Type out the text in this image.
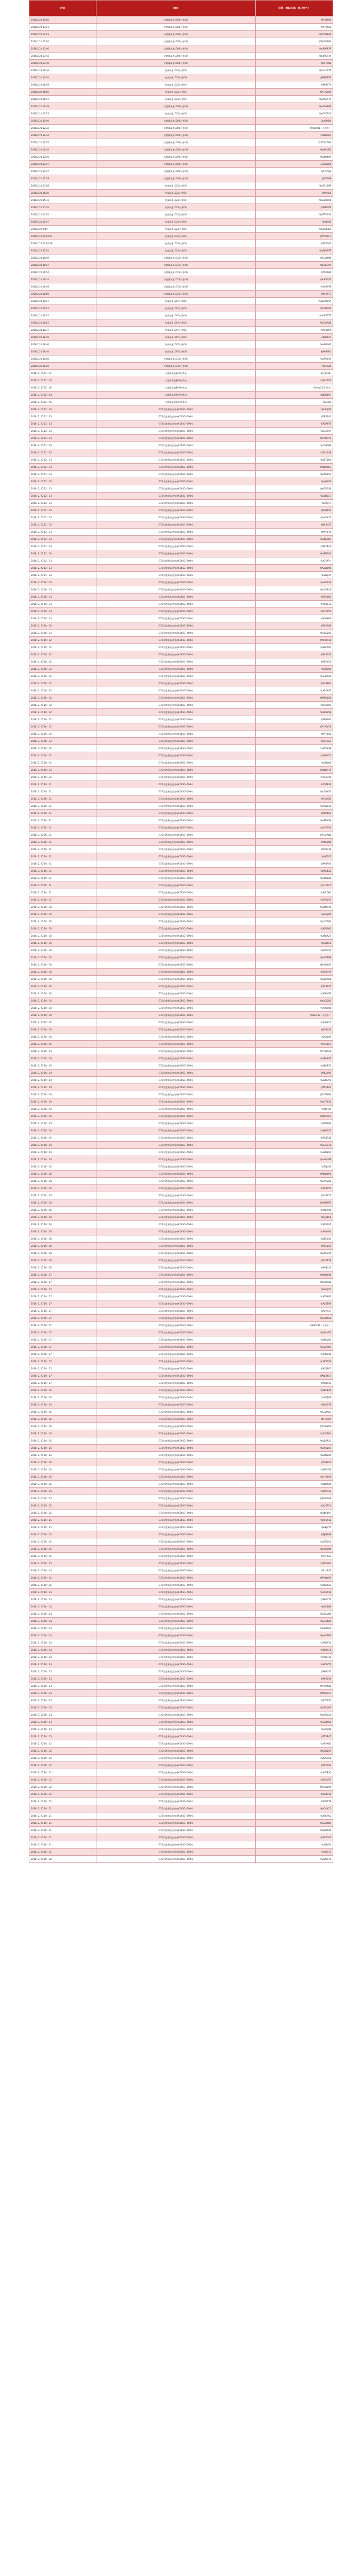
时间	地点	车牌（地段车牌，部分除外）
2018/2/21 10:00	京港澳高速1006公里K外	鄂A3JM56
2018/2/21 17:11	京港澳高速1006公里K外	鄂A3YK66
2018/2/21 17:13	京港澳高速1006公里K外	鄂C7396A6
2018/2/21 17:20	京港澳高速1006公里K外	鄂A00Q6N6
2018/2/21 17:40	京港澳高速1006公里K外	鄂A266R79
2018/2/21 17:42	京港澳高速1006公里K外	鄂CX4C739
2018/2/21 17:46	京港澳高速1006公里K外	鄂A97LN1
2018/2/21 16:34	包茂高速1023公里K外	鄂A2U1779
2018/2/21 16:54	包茂高速1023公里K外	湘E8QS76
2018/2/21 16:59	包茂高速1023公里K外	鄂AE8T74
2018/2/21 16:59	包茂高速1023公里K外	鄂A1R2J96
2018/2/21 16:47	包茂高速1023公里K外	鄂ABS5770
2018/2/21 16:49	京港澳高速1006公里K外	鄂A17A896
2018/2/21 17:13	包茂高速1023公里K外	鄂ACA7316
2018/2/21 11:49	京港澳高速1006公里K外	湘A6000J
2018/2/21 12:32	京港澳高速1006公里K外	鄂A09056（小型车）
2018/2/21 12:34	京港澳高速1006公里K外	鄂A1D9P3
2018/2/21 12:35	京港澳高速1006公里K外	鄂ACW1066
2018/2/21 12:44	京港澳高速1006公里K外	鄂A8UU62
2018/2/21 12:46	京港澳高速1006公里K外	鄂A4NN09
2018/2/21 12:47	京港澳高速1006公里K外	云A03J866
2018/2/21 12:47	京港澳高速1006公里K外	鄂A7UVJ2
2018/2/21 12:59	京港澳高速1006公里K外	鄂A5008
2018/2/21 13:08	包茂高速1023公里K外	鄂A61168E
2018/2/21 15:29	包茂高速1023公里K外	鄂A9H56
2018/2/21 15:31	包茂高速1023公里K外	鄂ACB0996
2018/2/21 15:32	包茂高速1023公里K外	鄂A9B0T8
2018/2/21 15:35	包茂高速1023公里K外	鄂A77V706
2018/2/21 15:47	包茂高速1023公里K外	鄂A8L80
2018/2/22 9:49	包茂高速1023公里K外	鄂ABAB3L5
2018/2/22 10:04:04	包茂高速1023公里K外	鄂A5WEC7
2018/2/22 10:04:08	包茂高速1023公里K外	鄂A20005
2018/2/22 22:34	包茂高速1023公里K外	鄂A38697T
2018/2/21 16:49	京港澳高速1013公里K外	鄂A1VNN8
2018/2/21 16:47	京港澳高速1013公里K外	鄂RQG76Y
2018/2/21 16:54	京港澳高速1013公里K外	鄂AS5696
2018/2/21 18:45	京港澳高速1013公里K外	鄂A8GG72
2018/2/21 18:49	京港澳高速1013公里K外	鄂AA8799
2018/2/21 18:50	京港澳高速1013公里K外	鄂A5P5T7
2018/2/21 19:17	包茂高速1007公里K外	鄂AE2W15A
2018/2/21 19:14	包茂高速1007公里K外	鄂CVN003
2018/2/21 19:02	包茂高速1007公里K外	鄂A0977T2
2018/2/21 18:52	包茂高速1007公里K外	鄂AG5A88
2018/2/21 18:37	包茂高速1007公里K外	鄂A04BP5
2018/2/21 18:35	包茂高速1007公里K外	云B0BX27
2018/2/21 18:40	包茂高速1007公里K外	鄂AB00H7
2018/2/21 18:44	包茂高速1007公里K外	湘A0666L
2018/2/21 18:20	京港澳高速1013公里K外	鄂A8V3R4
2018/2/21 18:20	京港澳高速1013公里K外	鄂A7L85
2018. 2. 20 12：47	京港澳高速断坪收费站	湘L(2019)
2018. 2. 20 12：46	京港澳高速断坪收费站	鄂AA1T01
2018. 2. 20 12：46	京港澳高速断坪收费站	鄂H0V2E(小型车)
2018. 2. 20 12：44	京港澳高速断坪收费站	鄂B2089H
2018. 2. 20 12：45	京港澳高速断坪收费站	鄂E23J0
2018. 2. 20 12：33	G75京港澳高速南向K1050+500米	鄂AA7J26
2018. 2. 20 12：33	G75京港澳高速南向K1050+500米	鄂AE58Y6
2018. 2. 20 12：33	G75京港澳高速南向K1050+500米	鄂A2P07B
2018. 2. 20 12：33	G75京港澳高速南向K1050+500米	鄂AU3997
2018. 2. 20 12：33	G75京港澳高速南向K1050+500米	鄂A2WP73
2018. 2. 20 12：33	G75京港澳高速南向K1050+500米	鄂AG9099
2018. 2. 20 12：33	G75京港澳高速南向K1050+500米	鄂AX1108
2018. 2. 20 12：33	G75京港澳高速南向K1050+500米	鄂A1TD64
2018. 2. 20 12：33	G75京港澳高速南向K1050+500米	鄂AWXN63
2018. 2. 20 12：33	G75京港澳高速南向K1050+500米	鄂A5GK53
2018. 2. 20 12：33	G75京港澳高速南向K1050+500米	鄂AJ8X06
2018. 2. 20 12：33	G75京港澳高速南向K1050+500米	鄂AG5G58
2018. 2. 20 12：33	G75京港澳高速南向K1050+500米	鄂A0D1E7
2018. 2. 20 12：33	G75京港澳高速南向K1050+500米	鄂AP6J77
2018. 2. 20 12：33	G75京港澳高速南向K1050+500米	鄂ADJ0X9
2018. 2. 20 12：33	G75京港澳高速南向K1050+500米	鄂AN7K45
2018. 2. 20 12：33	G75京港澳高速南向K1050+500米	鄂AL5Y27
2018. 2. 20 12：33	G75京港澳高速南向K1050+500米	鄂A9F5T0
2018. 2. 20 12：33	G75京港澳高速南向K1050+500米	鄂A4G069
2018. 2. 20 12：33	G75京港澳高速南向K1050+500米	鄂AP1B19
2018. 2. 20 12：33	G75京港澳高速南向K1050+500米	鄂A7BG03
2018. 2. 20 12：33	G75京港澳高速南向K1050+500米	鄂A01P7H
2018. 2. 20 12：33	G75京港澳高速南向K1050+500米	鄂AZ2W06
2018. 2. 20 12：33	G75京港澳高速南向K1050+500米	鄂A88J70
2018. 2. 20 10：33	G75京港澳高速南向K1050+500米	鄂ANK208
2018. 2. 20 10：33	G75京港澳高速南向K1050+500米	鄂AQ2R18
2018. 2. 20 10：33	G75京港澳高速南向K1050+500米	鄂A81960
2018. 2. 20 10：33	G75京港澳高速南向K1050+500米	鄂AB56T2
2018. 2. 20 10：33	G75京港澳高速南向K1050+500米	鄂A37Z55
2018. 2. 20 10：33	G75京港澳高速南向K1050+500米	鄂AL8N81
2018. 2. 20 10：33	G75京港澳高速南向K1050+500米	鄂A9Y308
2018. 2. 20 10：33	G75京港澳高速南向K1050+500米	鄂A2GZ05
2018. 2. 20 10：32	G75京港澳高速南向K1050+500米	鄂AXW716
2018. 2. 20 10：32	G75京港澳高速南向K1050+500米	鄂A18D50
2018. 2. 20 10：32	G75京港澳高速南向K1050+500米	鄂ALX327
2018. 2. 20 10：32	G75京港澳高速南向K1050+500米	鄂AF2V21
2018. 2. 20 10：32	G75京港澳高速南向K1050+500米	鄂A50J98
2018. 2. 20 10：32	G75京港澳高速南向K1050+500米	鄂AHK556
2018. 2. 20 10：32	G75京港澳高速南向K1050+500米	鄂AC8880
2018. 2. 20 10：32	G75京港澳高速南向K1050+500米	鄂A75H47
2018. 2. 20 10：32	G75京港澳高速南向K1050+500米	鄂AM9D15
2018. 2. 20 10：32	G75京港澳高速南向K1050+500米	鄂ARA092
2018. 2. 20 10：32	G75京港澳高速南向K1050+500米	鄂A7G858
2018. 2. 20 10：32	G75京港澳高速南向K1050+500米	鄂AE0P06
2018. 2. 20 10：32	G75京港澳高速南向K1050+500米	鄂A1WV19
2018. 2. 20 10：32	G75京港澳高速南向K1050+500米	鄂AYT556
2018. 2. 20 10：32	G75京港澳高速南向K1050+500米	鄂A2FC63
2018. 2. 20 10：32	G75京港澳高速南向K1050+500米	鄂AR2K38
2018. 2. 20 10：32	G75京港澳高速南向K1050+500米	鄂AB0X25
2018. 2. 20 10：32	G75京港澳高速南向K1050+500米	鄂A8J0K8
2018. 2. 20 10：32	G75京港澳高速南向K1050+500米	鄂AWQ778
2018. 2. 20 10：32	G75京港澳高速南向K1050+500米	鄂AG1F90
2018. 2. 20 10：31	G75京港澳高速南向K1050+500米	鄂A7PR36
2018. 2. 20 10：31	G75京港澳高速南向K1050+500米	鄂AD0H71
2018. 2. 20 10：31	G75京港澳高速南向K1050+500米	鄂A15Y83
2018. 2. 20 10：31	G75京港澳高速南向K1050+500米	鄂ANZ101
2018. 2. 20 10：31	G75京港澳高速南向K1050+500米	鄂A6P4E9
2018. 2. 20 10：31	G75京港澳高速南向K1050+500米	鄂AS1M58
2018. 2. 20 10：31	G75京港澳高速南向K1050+500米	鄂AH7766
2018. 2. 20 10：31	G75京港澳高速南向K1050+500米	鄂A3C9W5
2018. 2. 20 10：31	G75京港澳高速南向K1050+500米	鄂AT8U06
2018. 2. 20 10：31	G75京港澳高速南向K1050+500米	鄂A2RL49
2018. 2. 20 10：31	G75京港澳高速南向K1050+500米	鄂AJE017
2018. 2. 20 10：31	G75京港澳高速南向K1050+500米	鄂A96F66
2018. 2. 20 10：31	G75京港澳高速南向K1050+500米	鄂AK5B32
2018. 2. 20 10：31	G75京港澳高速南向K1050+500米	鄂A0NX88
2018. 2. 20 10：31	G75京港澳高速南向K1050+500米	鄂AU7S13
2018. 2. 20 10：31	G75京港澳高速南向K1050+500米	鄂A5LD60
2018. 2. 20 10：31	G75京港澳高速南向K1050+500米	鄂AF9Q72
2018. 2. 20 10：30	G75京港澳高速南向K1050+500米	鄂A8MT04
2018. 2. 20 10：30	G75京港澳高速南向K1050+500米	鄂AV3J95
2018. 2. 20 10：30	G75京港澳高速南向K1050+500米	鄂A1G7N3
2018. 2. 20 10：30	G75京港澳高速南向K1050+500米	鄂AZ6681
2018. 2. 20 10：30	G75京港澳高速南向K1050+500米	鄂A4BR27
2018. 2. 20 10：30	G75京港澳高速南向K1050+500米	鄂AQJ551
2018. 2. 20 10：30	G75京港澳高速南向K1050+500米	鄂A70C16
2018. 2. 20 10：30	G75京港澳高速南向K1050+500米	鄂AM2E89
2018. 2. 20 10：30	G75京港澳高速南向K1050+500米	鄂A3YW02
2018. 2. 20 10：30	G75京港澳高速南向K1050+500米	鄂AX5P74
2018. 2. 20 10：30	G75京港澳高速南向K1050+500米	鄂A2HA68
2018. 2. 20 10：30	G75京港澳高速南向K1050+500米	鄂AC9T35
2018. 2. 20 10：30	G75京港澳高速南向K1050+500米	鄂A6KV97
2018. 2. 20 10：30	G75京港澳高速南向K1050+500米	鄂AN1D20
2018. 2. 20 10：30	G75京港澳高速南向K1050+500米	鄂A9R046
2018. 2. 20 10：30	G75京港澳高速南向K1050+500米	鄂AB7F83（小型车）
2018. 2. 20 10：30	G75京港澳高速南向K1050+500米	鄂A5UE11
2018. 2. 20 10：30	G75京港澳高速南向K1050+500米	鄂AY8L56
2018. 2. 20 10：29	G75京港澳高速南向K1050+500米	鄂A04J92
2018. 2. 20 10：29	G75京港澳高速南向K1050+500米	鄂AP3Z67
2018. 2. 20 10：29	G75京港澳高速南向K1050+500米	鄂A7WS18
2018. 2. 20 10：29	G75京港澳高速南向K1050+500米	鄂AE6N42
2018. 2. 20 10：29	G75京港澳高速南向K1050+500米	鄂A1KB75
2018. 2. 20 10：29	G75京港澳高速南向K1050+500米	鄂AL2V09
2018. 2. 20 10：29	G75京港澳高速南向K1050+500米	鄂A8Q3Y1
2018. 2. 20 10：29	G75京港澳高速南向K1050+500米	鄂AT5R64
2018. 2. 20 10：29	G75京港澳高速南向K1050+500米	鄂A3DM86
2018. 2. 20 10：29	G75京港澳高速南向K1050+500米	鄂AG7X30
2018. 2. 20 10：29	G75京港澳高速南向K1050+500米	鄂A6FJ15
2018. 2. 20 10：29	G75京港澳高速南向K1050+500米	鄂AW4H57
2018. 2. 20 10：29	G75京港澳高速南向K1050+500米	鄂A0RP93
2018. 2. 20 10：29	G75京港澳高速南向K1050+500米	鄂AK8C22
2018. 2. 20 10：29	G75京港澳高速南向K1050+500米	鄂A9ZT48
2018. 2. 20 10：29	G75京港澳高速南向K1050+500米	鄂AS3G71
2018. 2. 20 10：29	G75京港澳高速南向K1050+500米	鄂A2NE04
2018. 2. 20 10：28	G75京港澳高速南向K1050+500米	鄂AH6U39
2018. 2. 20 10：28	G75京港澳高速南向K1050+500米	鄂A5JL81
2018. 2. 20 10：28	G75京港澳高速南向K1050+500米	鄂AD1W66
2018. 2. 20 10：28	G75京港澳高速南向K1050+500米	鄂A7CQ28
2018. 2. 20 10：28	G75京港澳高速南向K1050+500米	鄂AU9F50
2018. 2. 20 10：28	G75京港澳高速南向K1050+500米	鄂A4TK13
2018. 2. 20 10：28	G75京港澳高速南向K1050+500米	鄂AR0M97
2018. 2. 20 10：28	G75京港澳高速南向K1050+500米	鄂A8EV45
2018. 2. 20 10：28	G75京港澳高速南向K1050+500米	鄂AJ2B61
2018. 2. 20 10：28	G75京港澳高速南向K1050+500米	鄂A6XS07
2018. 2. 20 10：28	G75京港澳高速南向K1050+500米	鄂AN4Y84
2018. 2. 20 10：28	G75京港澳高速南向K1050+500米	鄂A1PD32
2018. 2. 20 10：28	G75京港澳高速南向K1050+500米	鄂AF5Z19
2018. 2. 20 10：28	G75京港澳高速南向K1050+500米	鄂A3GH76
2018. 2. 20 10：28	G75京港澳高速南向K1050+500米	鄂AV7R58
2018. 2. 20 10：28	G75京港澳高速南向K1050+500米	鄂A0BL23
2018. 2. 20 10：27	G75京港澳高速南向K1050+500米	鄂AQ9W40
2018. 2. 20 10：27	G75京港澳高速南向K1050+500米	鄂A5MC88
2018. 2. 20 10：27	G75京港澳高速南向K1050+500米	鄂AX2J15
2018. 2. 20 10：27	G75京港澳高速南向K1050+500米	鄂A7SN63
2018. 2. 20 10：27	G75京港澳高速南向K1050+500米	鄂AC6E94
2018. 2. 20 10：27	G75京港澳高速南向K1050+500米	鄂A2YT27
2018. 2. 20 10：27	G75京港澳高速南向K1050+500米	鄂AM8K51
2018. 2. 20 10：27	G75京港澳高速南向K1050+500米	鄂A9DF36（小型车）
2018. 2. 20 10：27	G75京港澳高速南向K1050+500米	鄂AB4U70
2018. 2. 20 10：27	G75京港澳高速南向K1050+500米	鄂A6LQ02
2018. 2. 20 10：27	G75京港澳高速南向K1050+500米	鄂AZ1H89
2018. 2. 20 10：27	G75京港澳高速南向K1050+500米	鄂A4RV48
2018. 2. 20 10：27	G75京港澳高速南向K1050+500米	鄂AP7G31
2018. 2. 20 10：27	G75京港澳高速南向K1050+500米	鄂A0XE65
2018. 2. 20 10：27	G75京港澳高速南向K1050+500米	鄂AW3N17
2018. 2. 20 10：27	G75京港澳高速南向K1050+500米	鄂A8KY92
2018. 2. 20 10：26	G75京港澳高速南向K1050+500米	鄂AE5B44
2018. 2. 20 10：26	G75京港澳高速南向K1050+500米	鄂A3TJ08
2018. 2. 20 10：26	G75京港澳高速南向K1050+500米	鄂AL9C76
2018. 2. 20 10：26	G75京港澳高速南向K1050+500米	鄂A1VM53
2018. 2. 20 10：26	G75京港澳高速南向K1050+500米	鄂AT6P29
2018. 2. 20 10：26	G75京港澳高速南向K1050+500米	鄂A7HW81
2018. 2. 20 10：26	G75京港澳高速南向K1050+500米	鄂AG2S64
2018. 2. 20 10：26	G75京港澳高速南向K1050+500米	鄂A5QR10
2018. 2. 20 10：26	G75京港澳高速南向K1050+500米	鄂AK4D37
2018. 2. 20 10：26	G75京港澳高速南向K1050+500米	鄂A9NZ85
2018. 2. 20 10：26	G75京港澳高速南向K1050+500米	鄂AS8F02
2018. 2. 20 10：26	G75京港澳高速南向K1050+500米	鄂A2EU58
2018. 2. 20 10：26	G75京港澳高速南向K1050+500米	鄂AH3X91
2018. 2. 20 10：26	G75京港澳高速南向K1050+500米	鄂A6BK26
2018. 2. 20 10：26	G75京港澳高速南向K1050+500米	鄂AD7L43
2018. 2. 20 10：25	G75京港澳高速南向K1050+500米	鄂A0WG69
2018. 2. 20 10：25	G75京港澳高速南向K1050+500米	鄂AU5T14
2018. 2. 20 10：25	G75京港澳高速南向K1050+500米	鄂A4CN97
2018. 2. 20 10：25	G75京港澳高速南向K1050+500米	鄂AR1Y32
2018. 2. 20 10：25	G75京港澳高速南向K1050+500米	鄂A8JV75
2018. 2. 20 10：25	G75京港澳高速南向K1050+500米	鄂AJ6M08
2018. 2. 20 10：25	G75京港澳高速南向K1050+500米	鄂A3SD51
2018. 2. 20 10：25	G75京港澳高速南向K1050+500米	鄂AN9Q86
2018. 2. 20 10：25	G75京港澳高速南向K1050+500米	鄂A7FR23
2018. 2. 20 10：25	G75京港澳高速南向K1050+500米	鄂AF2H60
2018. 2. 20 10：25	G75京港澳高速南向K1050+500米	鄂A1LE47
2018. 2. 20 10：25	G75京港澳高速南向K1050+500米	鄂AV8W94
2018. 2. 20 10：25	G75京港澳高速南向K1050+500米	鄂A5XB12
2018. 2. 20 10：24	G75京港澳高速南向K1050+500米	鄂AQ3T39
2018. 2. 20 10：24	G75京港澳高速南向K1050+500米	鄂A9KC73
2018. 2. 20 10：24	G75京港澳高速南向K1050+500米	鄂AX7J06
2018. 2. 20 10：24	G75京港澳高速南向K1050+500米	鄂A2GU88
2018. 2. 20 10：24	G75京港澳高速南向K1050+500米	鄂AC4N25
2018. 2. 20 10：24	G75京港澳高速南向K1050+500米	鄂A6MZ62
2018. 2. 20 10：24	G75京港澳高速南向K1050+500米	鄂AM1P97
2018. 2. 20 10：24	G75京港澳高速南向K1050+500米	鄂A0DY34
2018. 2. 20 10：24	G75京港澳高速南向K1050+500米	鄂AB9S71
2018. 2. 20 10：24	G75京港澳高速南向K1050+500米	鄂A4HF18
2018. 2. 20 10：24	G75京港澳高速南向K1050+500米	鄂AZ5V55
2018. 2. 20 10：23	G75京港澳高速南向K1050+500米	鄂A8RL02
2018. 2. 20 10：23	G75京港澳高速南向K1050+500米	鄂AP2E49
2018. 2. 20 10：23	G75京港澳高速南向K1050+500米	鄂A3WK86
2018. 2. 20 10：23	G75京港澳高速南向K1050+500米	鄂AW6C13
2018. 2. 20 10：23	G75京港澳高速南向K1050+500米	鄂A7TX50
2018. 2. 20 10：23	G75京港澳高速南向K1050+500米	鄂AE1Q97
2018. 2. 20 10：23	G75京港澳高速南向K1050+500米	鄂A5NG24
2018. 2. 20 10：23	G75京港澳高速南向K1050+500米	鄂AL8M61
2018. 2. 20 10：23	G75京港澳高速南向K1050+500米	鄂A0UJ08
2018. 2. 20 10：23	G75京港澳高速南向K1050+500米	鄂AT3B45
2018. 2. 20 10：22	G75京港澳高速南向K1050+500米	鄂A9YH82
2018. 2. 20 10：22	G75京港澳高速南向K1050+500米	鄂AG6D19
2018. 2. 20 10：22	G75京港澳高速南向K1050+500米	鄂A2CS56
2018. 2. 20 10：22	G75京港澳高速南向K1050+500米	鄂AK7F93
2018. 2. 20 10：22	G75京港澳高速南向K1050+500米	鄂A4ZR30
2018. 2. 20 10：22	G75京港澳高速南向K1050+500米	鄂AS1V67
2018. 2. 20 10：22	G75京港澳高速南向K1050+500米	鄂A6EW04
2018. 2. 20 10：22	G75京港澳高速南向K1050+500米	鄂AH9L41
2018. 2. 20 10：22	G75京港澳高速南向K1050+500米	鄂A1BT78
2018. 2. 20 10：21	G75京港澳高速南向K1050+500米	鄂AD4X15
2018. 2. 20 10：21	G75京港澳高速南向K1050+500米	鄂A8GP52
2018. 2. 20 10：21	G75京港澳高速南向K1050+500米	鄂AU2N89
2018. 2. 20 10：21	G75京港澳高速南向K1050+500米	鄂A3KM26
2018. 2. 20 10：21	G75京港澳高速南向K1050+500米	鄂AR7C63
2018. 2. 20 10：21	G75京港澳高速南向K1050+500米	鄂A5JY00
2018. 2. 20 10：21	G75京港澳高速南向K1050+500米	鄂AJ0F37
2018. 2. 20 10：20	G75京港澳高速南向K1050+500米	鄂A7DS74
